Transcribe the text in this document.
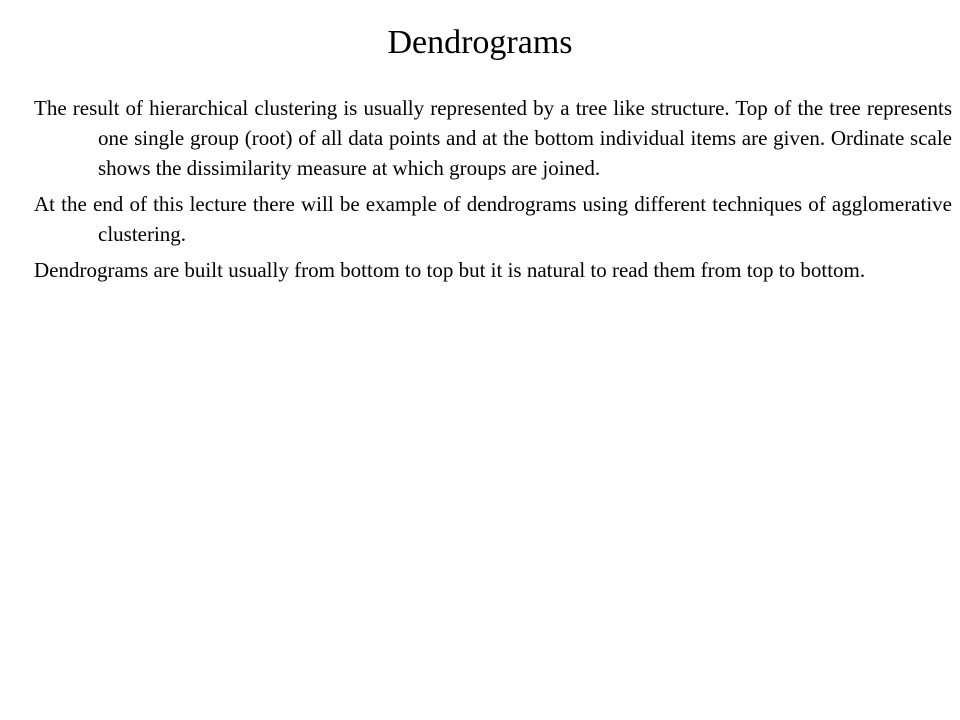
Dendrograms

The result of hierarchical clustering is usually represented by a tree like structure. Top of the tree represents one single group (root) of all data points and at the bottom individual items are given. Ordinate scale shows the dissimilarity measure at which groups are joined.

At the end of this lecture there will be example of dendrograms using different techniques of agglomerative clustering.

Dendrograms are built usually from bottom to top but it is natural to read them from top to bottom.
